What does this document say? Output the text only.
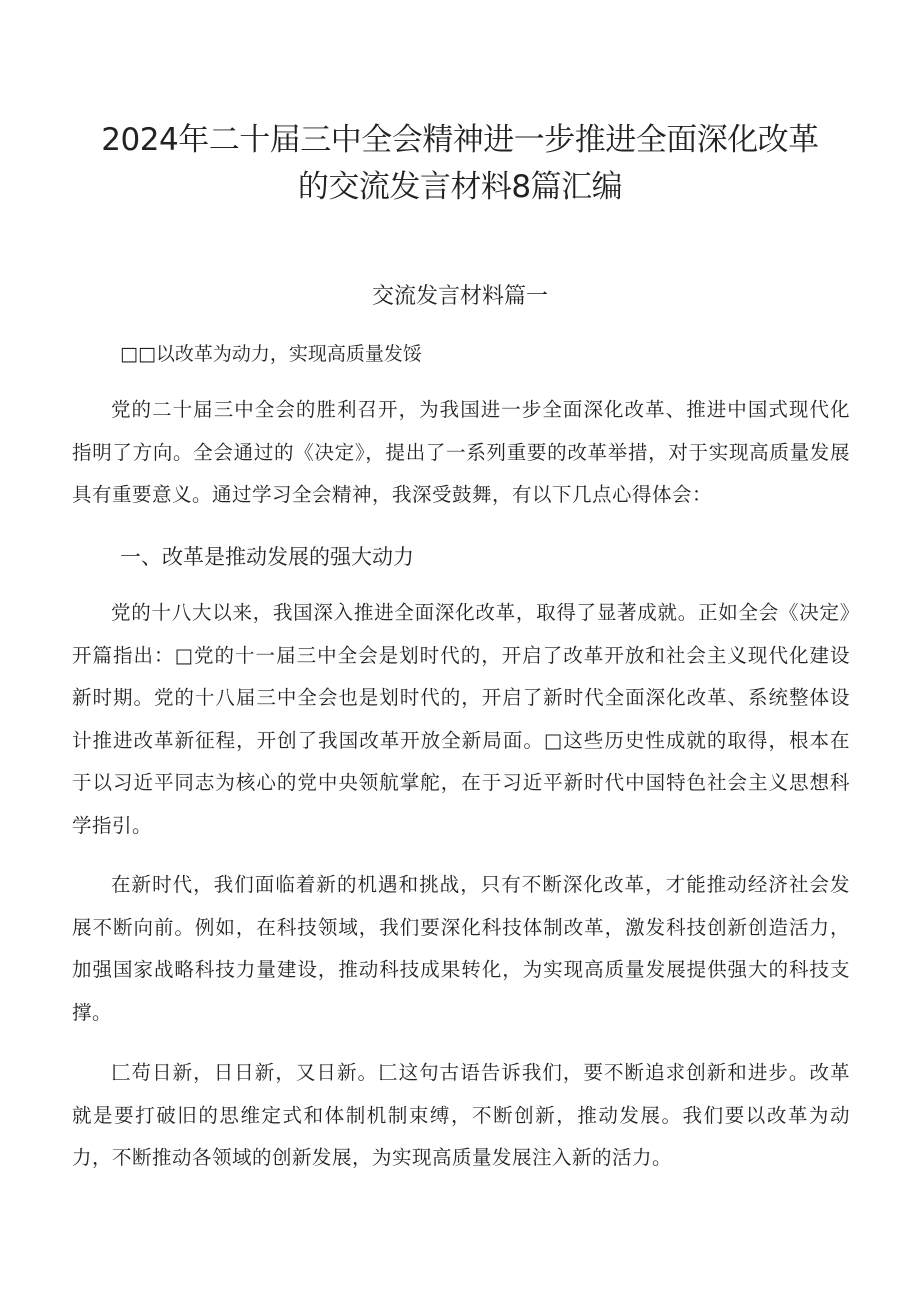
2024年二十届三中全会精神进一步推进全面深化改革
的交流发言材料8篇汇编
交流发言材料篇一

□□以改革为动力，实现高质量发馁

党的二十届三中全会的胜利召开，为我国进一步全面深化改革、推进中国式现代化指明了方向。全会通过的《决定》，提出了一系列重要的改革举措，对于实现高质量发展具有重要意义。通过学习全会精神，我深受鼓舞，有以下几点心得体会：

一、改革是推动发展的强大动力

党的十八大以来，我国深入推进全面深化改革，取得了显著成就。正如全会《决定》开篇指出：□党的十一届三中全会是划时代的，开启了改革开放和社会主义现代化建设新时期。党的十八届三中全会也是划时代的，开启了新时代全面深化改革、系统整体设计推进改革新征程，开创了我国改革开放全新局面。□这些历史性成就的取得，根本在于以习近平同志为核心的党中央领航掌舵，在于习近平新时代中国特色社会主义思想科学指引。

在新时代，我们面临着新的机遇和挑战，只有不断深化改革，才能推动经济社会发展不断向前。例如，在科技领域，我们要深化科技体制改革，激发科技创新创造活力，加强国家战略科技力量建设，推动科技成果转化，为实现高质量发展提供强大的科技支撑。

匚苟日新，日日新，又日新。匚这句古语告诉我们，要不断追求创新和进步。改革就是要打破旧的思维定式和体制机制束缚，不断创新，推动发展。我们要以改革为动力，不断推动各领域的创新发展，为实现高质量发展注入新的活力。
